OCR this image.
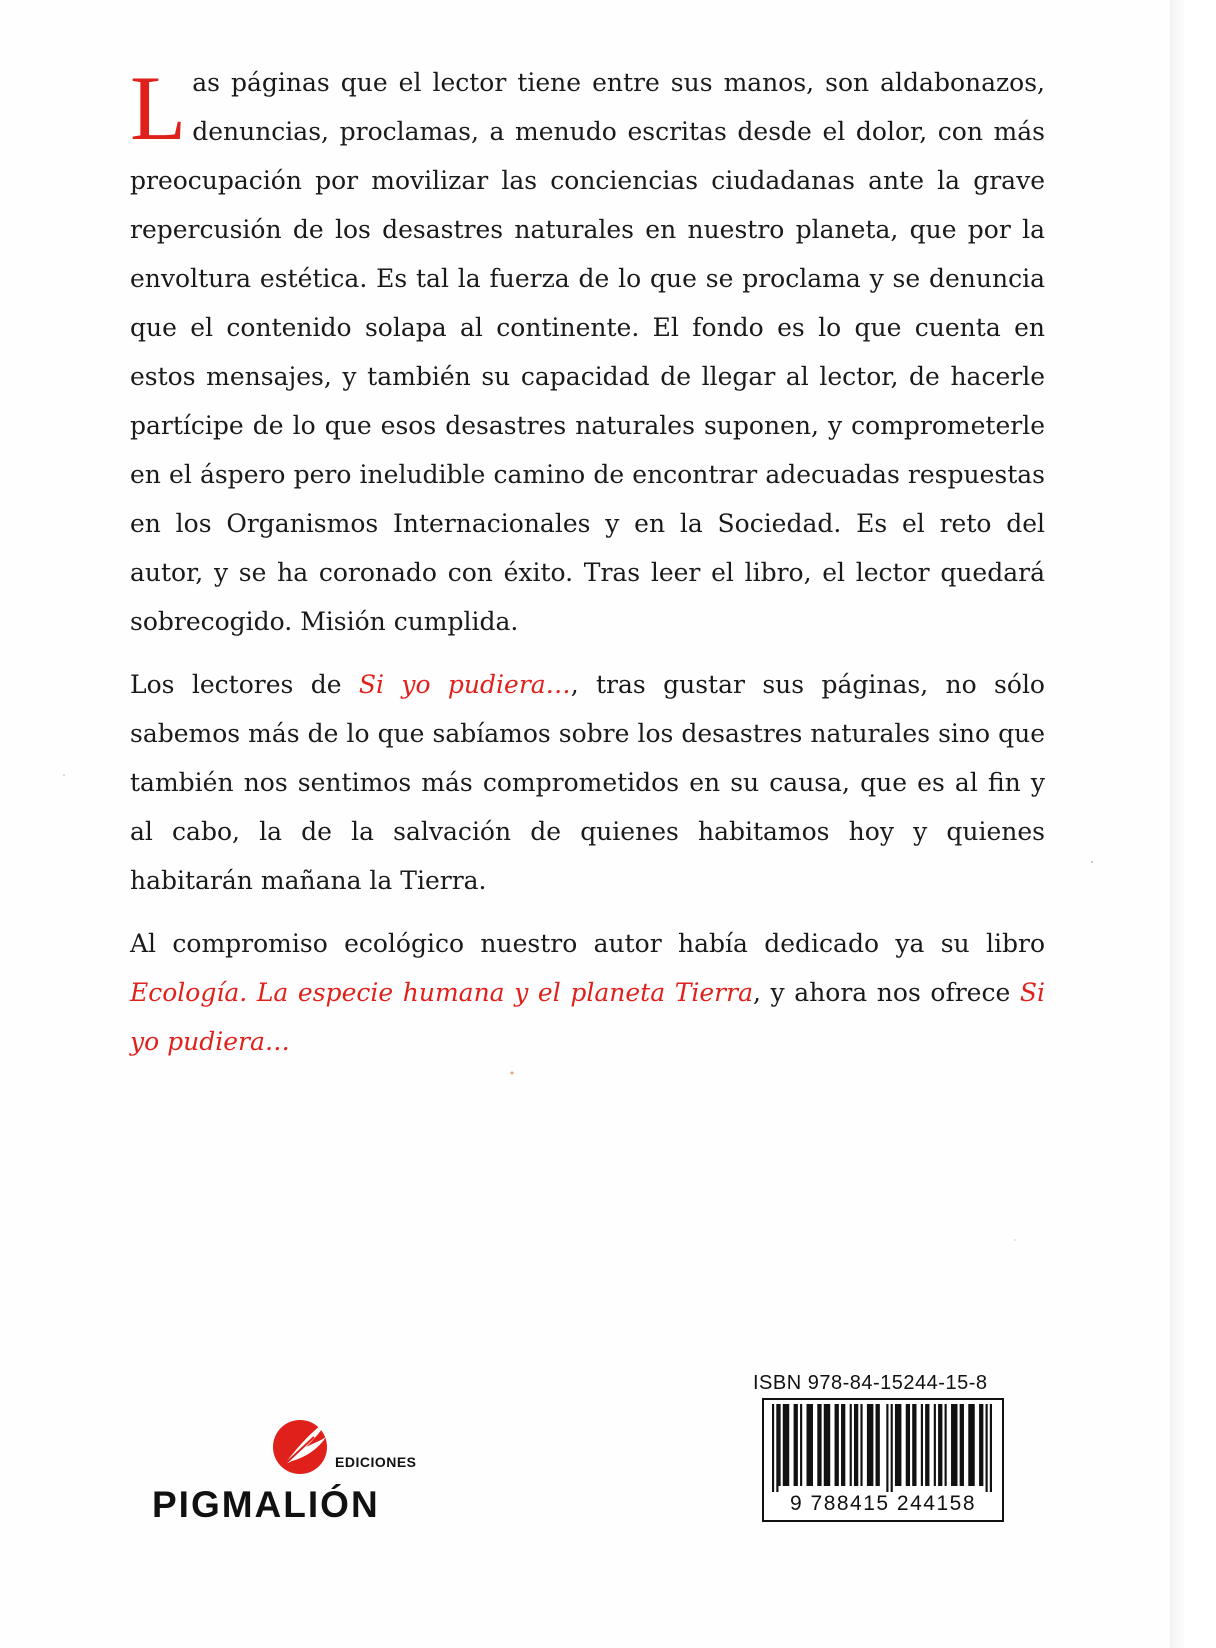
Las páginas que el lector tiene entre sus manos, son aldabonazos, denuncias, proclamas, a menudo escritas desde el dolor, con más preocupación por movilizar las conciencias ciudadanas ante la grave repercusión de los desastres naturales en nuestro planeta, que por la envoltura estética. Es tal la fuerza de lo que se proclama y se denuncia que el contenido solapa al continente. El fondo es lo que cuenta en estos mensajes, y también su capacidad de llegar al lector, de hacerle partícipe de lo que esos desastres naturales suponen, y comprometerle en el áspero pero ineludible camino de encontrar adecuadas respuestas en los Organismos Internacionales y en la Sociedad. Es el reto del autor, y se ha coronado con éxito. Tras leer el libro, el lector quedará sobrecogido. Misión cumplida.

Los lectores de Si yo pudiera…, tras gustar sus páginas, no sólo sabemos más de lo que sabíamos sobre los desastres naturales sino que también nos sentimos más comprometidos en su causa, que es al fin y al cabo, la de la salvación de quienes habitamos hoy y quienes habitarán mañana la Tierra.

Al compromiso ecológico nuestro autor había dedicado ya su libro Ecología. La especie humana y el planeta Tierra, y ahora nos ofrece Si yo pudiera…

EDICIONES
PIGMALIÓN
ISBN 978-84-15244-15-8
9 788415 244158
